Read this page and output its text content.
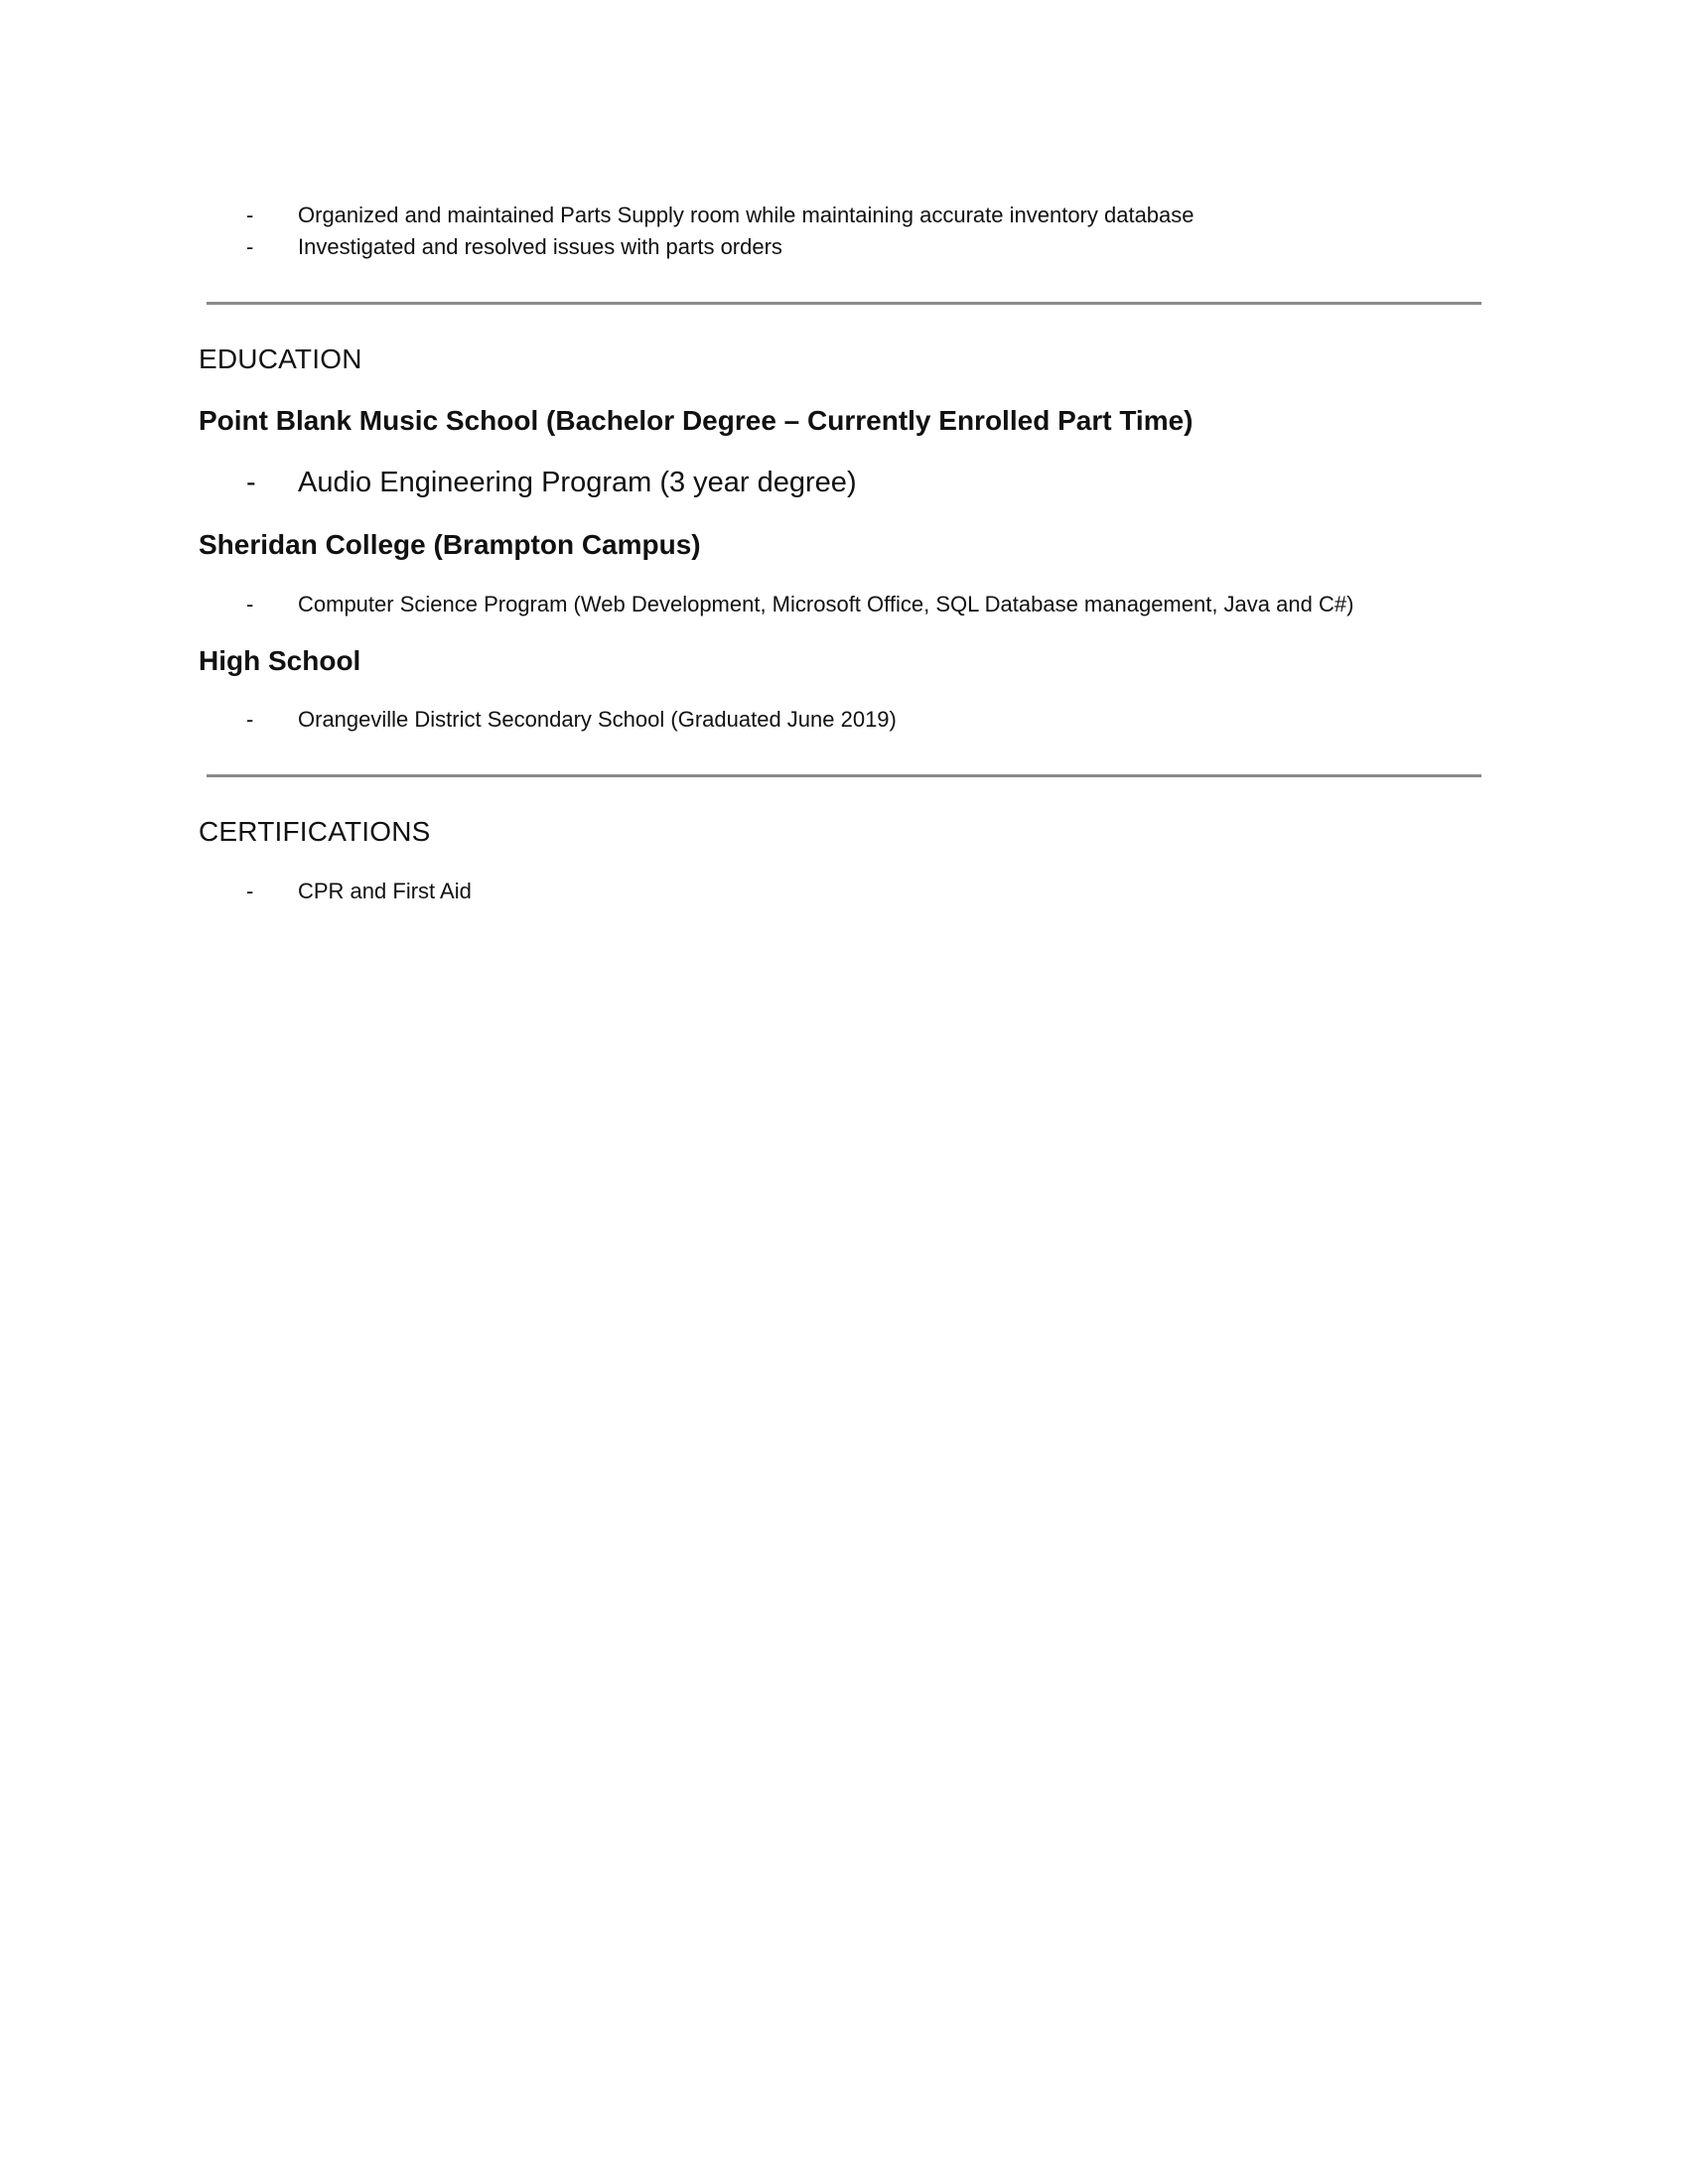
- Organized and maintained Parts Supply room while maintaining accurate inventory database
- Investigated and resolved issues with parts orders
EDUCATION
Point Blank Music School (Bachelor Degree – Currently Enrolled Part Time)
- Audio Engineering Program (3 year degree)
Sheridan College (Brampton Campus)
- Computer Science Program (Web Development, Microsoft Office, SQL Database management, Java and C#)
High School
- Orangeville District Secondary School (Graduated June 2019)
CERTIFICATIONS
- CPR and First Aid
